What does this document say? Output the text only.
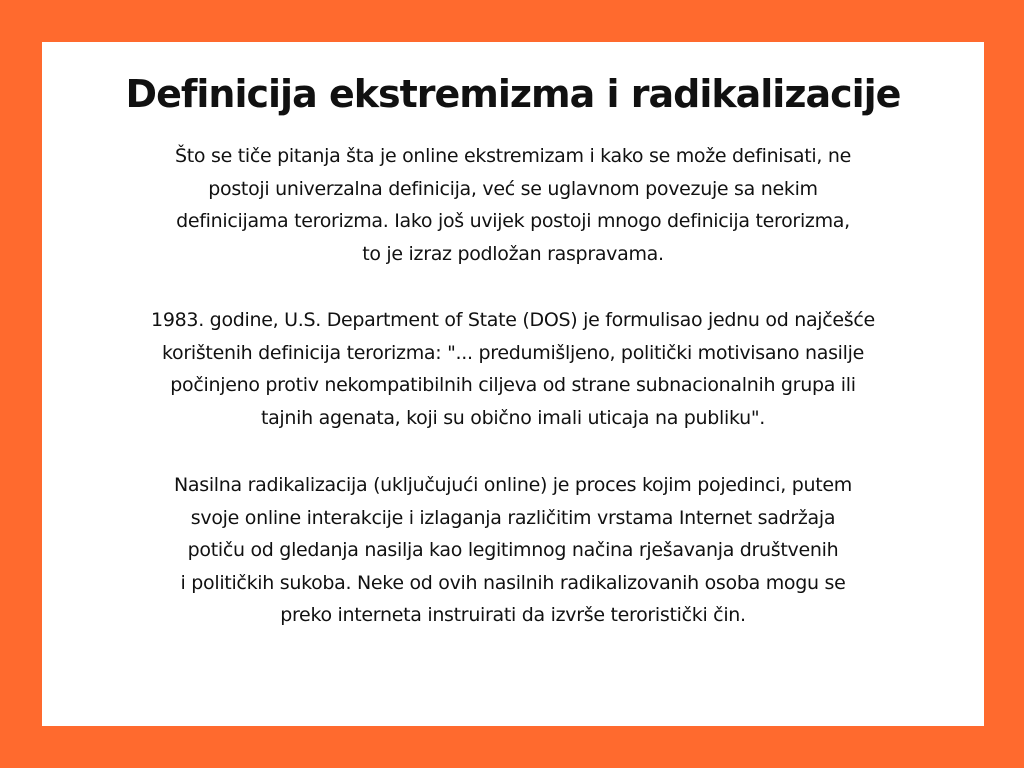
Definicija ekstremizma i radikalizacije

Što se tiče pitanja šta je online ekstremizam i kako se može definisati, ne
postoji univerzalna definicija, već se uglavnom povezuje sa nekim
definicijama terorizma. Iako još uvijek postoji mnogo definicija terorizma,
to je izraz podložan raspravama.

1983. godine, U.S. Department of State (DOS) je formulisao jednu od najčešće
korištenih definicija terorizma: "... predumišljeno, politički motivisano nasilje
počinjeno protiv nekompatibilnih ciljeva od strane subnacionalnih grupa ili
tajnih agenata, koji su obično imali uticaja na publiku".

Nasilna radikalizacija (uključujući online) je proces kojim pojedinci, putem
svoje online interakcije i izlaganja različitim vrstama Internet sadržaja
potiču od gledanja nasilja kao legitimnog načina rješavanja društvenih
i političkih sukoba. Neke od ovih nasilnih radikalizovanih osoba mogu se
preko interneta instruirati da izvrše teroristički čin.
